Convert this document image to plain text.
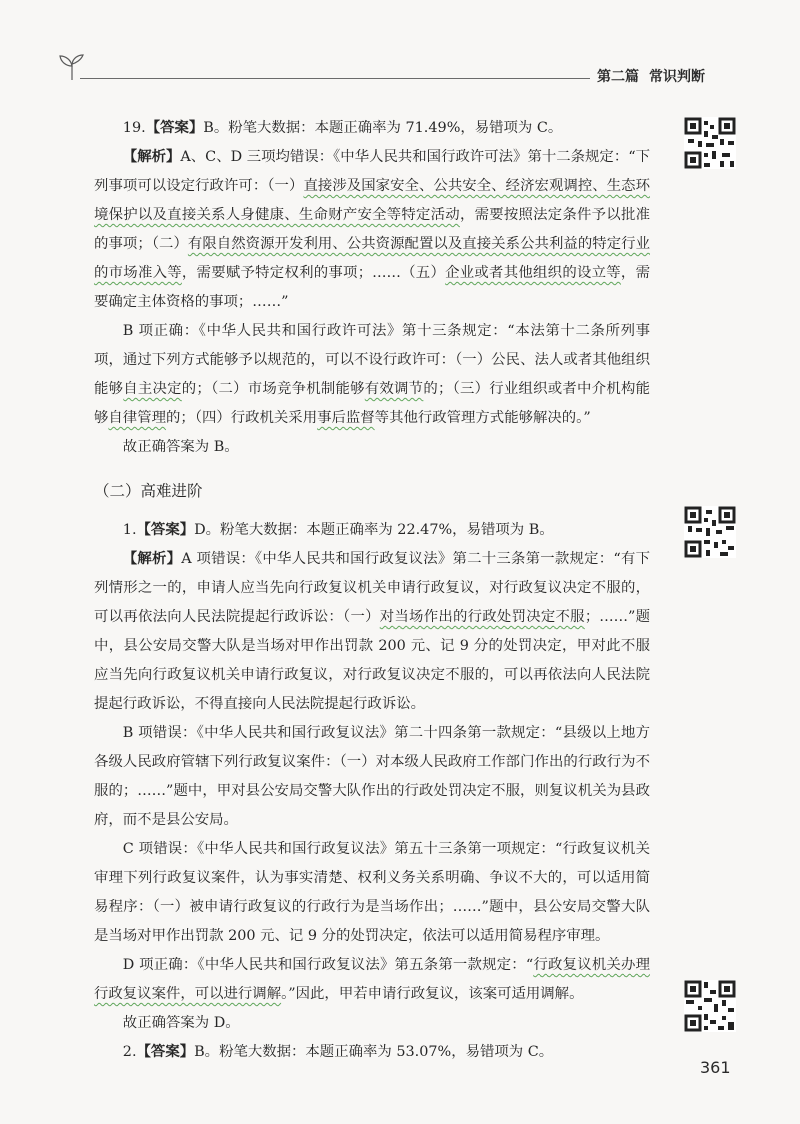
第二篇 常识判断

19.【答案】B。粉笔大数据：本题正确率为 71.49%，易错项为 C。

【解析】A、C、D 三项均错误：《中华人民共和国行政许可法》第十二条规定：“下列事项可以设定行政许可：（一）直接涉及国家安全、公共安全、经济宏观调控、生态环境保护以及直接关系人身健康、生命财产安全等特定活动，需要按照法定条件予以批准的事项；（二）有限自然资源开发利用、公共资源配置以及直接关系公共利益的特定行业的市场准入等，需要赋予特定权利的事项；……（五）企业或者其他组织的设立等，需要确定主体资格的事项；……”

B 项正确：《中华人民共和国行政许可法》第十三条规定：“本法第十二条所列事项，通过下列方式能够予以规范的，可以不设行政许可：（一）公民、法人或者其他组织能够自主决定的；（二）市场竞争机制能够有效调节的；（三）行业组织或者中介机构能够自律管理的；（四）行政机关采用事后监督等其他行政管理方式能够解决的。”

故正确答案为 B。

（二）高难进阶

1.【答案】D。粉笔大数据：本题正确率为 22.47%，易错项为 B。

【解析】A 项错误：《中华人民共和国行政复议法》第二十三条第一款规定：“有下列情形之一的，申请人应当先向行政复议机关申请行政复议，对行政复议决定不服的，可以再依法向人民法院提起行政诉讼：（一）对当场作出的行政处罚决定不服；……”题中，县公安局交警大队是当场对甲作出罚款 200 元、记 9 分的处罚决定，甲对此不服应当先向行政复议机关申请行政复议，对行政复议决定不服的，可以再依法向人民法院提起行政诉讼，不得直接向人民法院提起行政诉讼。

B 项错误：《中华人民共和国行政复议法》第二十四条第一款规定：“县级以上地方各级人民政府管辖下列行政复议案件：（一）对本级人民政府工作部门作出的行政行为不服的；……”题中，甲对县公安局交警大队作出的行政处罚决定不服，则复议机关为县政府，而不是县公安局。

C 项错误：《中华人民共和国行政复议法》第五十三条第一项规定：“行政复议机关审理下列行政复议案件，认为事实清楚、权利义务关系明确、争议不大的，可以适用简易程序：（一）被申请行政复议的行政行为是当场作出；……”题中，县公安局交警大队是当场对甲作出罚款 200 元、记 9 分的处罚决定，依法可以适用简易程序审理。

D 项正确：《中华人民共和国行政复议法》第五条第一款规定：“行政复议机关办理行政复议案件，可以进行调解。”因此，甲若申请行政复议，该案可适用调解。

故正确答案为 D。

2.【答案】B。粉笔大数据：本题正确率为 53.07%，易错项为 C。

361
